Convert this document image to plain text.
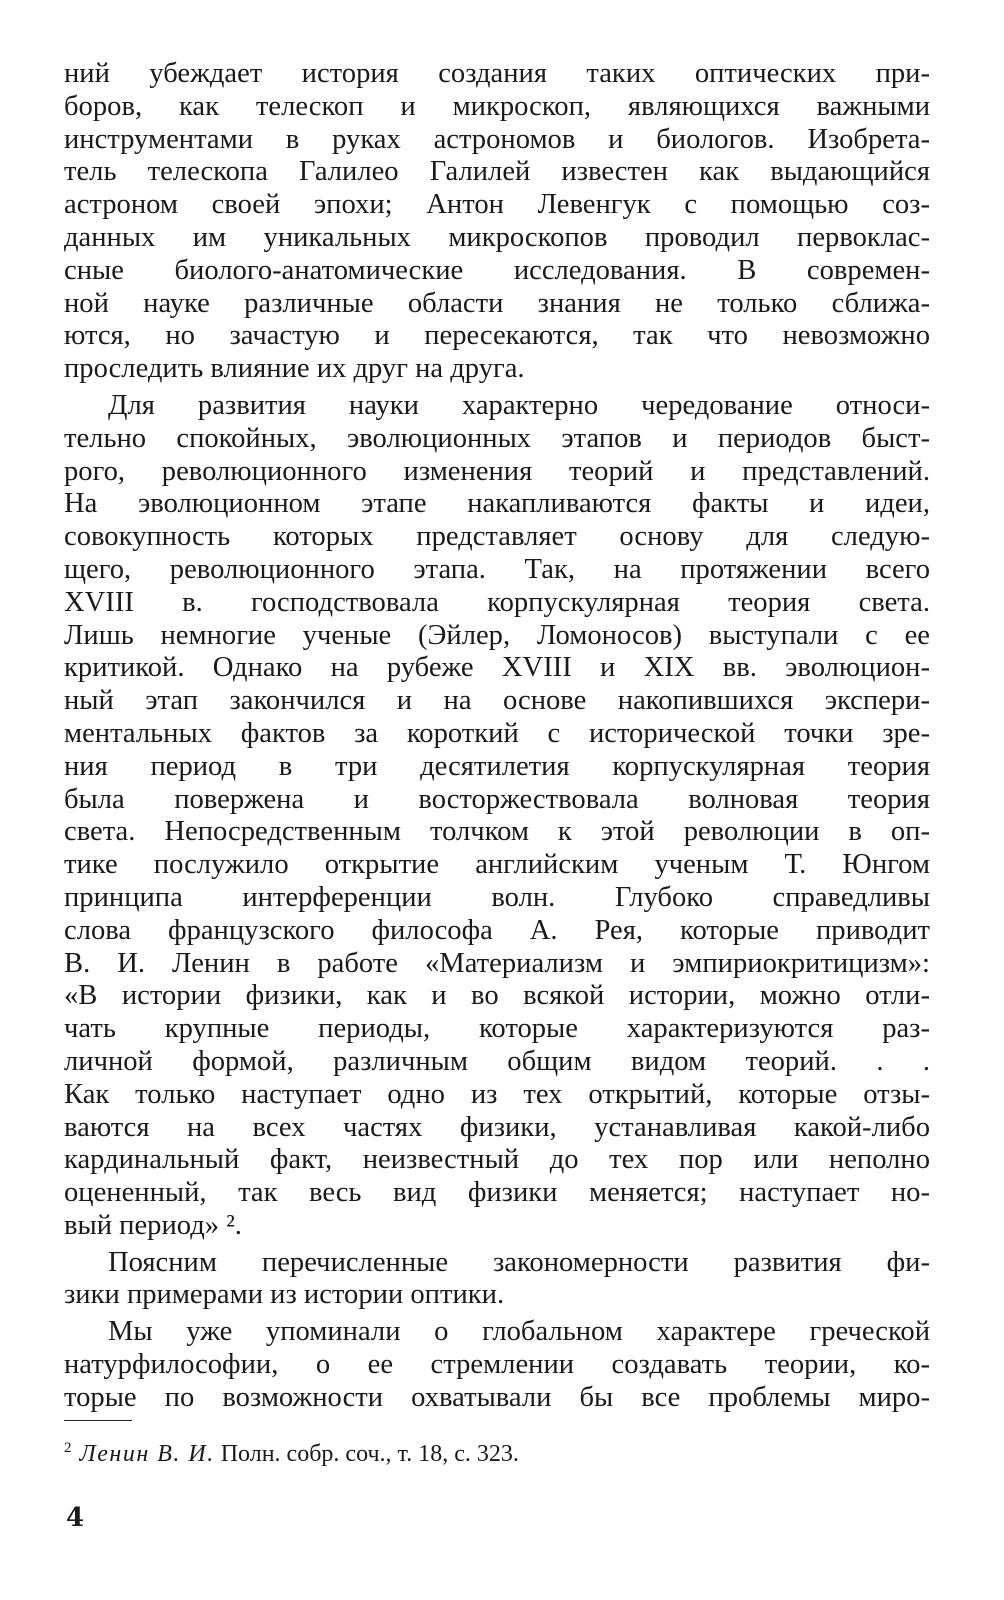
ний убеждает история создания таких оптических при-
боров, как телескоп и микроскоп, являющихся важными
инструментами в руках астрономов и биологов. Изобрета-
тель телескопа Галилео Галилей известен как выдающийся
астроном своей эпохи; Антон Левенгук с помощью соз-
данных им уникальных микроскопов проводил первоклас-
сные биолого-анатомические исследования. В современ-
ной науке различные области знания не только сближа-
ются, но зачастую и пересекаются, так что невозможно
проследить влияние их друг на друга.
Для развития науки характерно чередование относи-
тельно спокойных, эволюционных этапов и периодов быст-
рого, революционного изменения теорий и представлений.
На эволюционном этапе накапливаются факты и идеи,
совокупность которых представляет основу для следую-
щего, революционного этапа. Так, на протяжении всего
XVIII в. господствовала корпускулярная теория света.
Лишь немногие ученые (Эйлер, Ломоносов) выступали с ее
критикой. Однако на рубеже XVIII и XIX вв. эволюцион-
ный этап закончился и на основе накопившихся экспери-
ментальных фактов за короткий с исторической точки зре-
ния период в три десятилетия корпускулярная теория
была повержена и восторжествовала волновая теория
света. Непосредственным толчком к этой революции в оп-
тике послужило открытие английским ученым Т. Юнгом
принципа интерференции волн. Глубоко справедливы
слова французского философа А. Рея, которые приводит
В. И. Ленин в работе «Материализм и эмпириокритицизм»:
«В истории физики, как и во всякой истории, можно отли-
чать крупные периоды, которые характеризуются раз-
личной формой, различным общим видом теорий. . .
Как только наступает одно из тех открытий, которые отзы-
ваются на всех частях физики, устанавливая какой-либо
кардинальный факт, неизвестный до тех пор или неполно
оцененный, так весь вид физики меняется; наступает но-
вый период» ².
Поясним перечисленные закономерности развития фи-
зики примерами из истории оптики.
Мы уже упоминали о глобальном характере греческой
натурфилософии, о ее стремлении создавать теории, ко-
торые по возможности охватывали бы все проблемы миро-
$^2$ Ленин В. И. Полн. собр. соч., т. 18, с. 323.
4
